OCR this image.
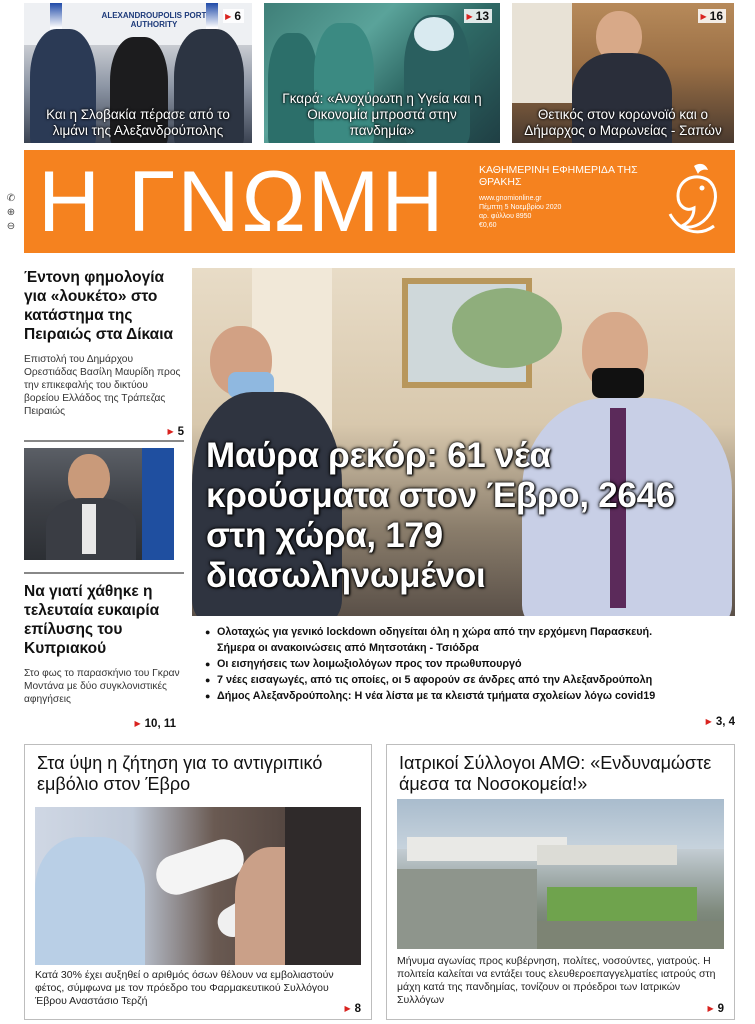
ALEXANDROUPOLIS PORT AUTHORITY
Και η Σλοβακία πέρασε από το λιμάνι της Αλεξανδρούπολης
▶ 6
Γκαρά: «Ανοχύρωτη η Υγεία και η Οικονομία μπροστά στην πανδημία»
▶ 13
Θετικός στον κορωνοϊό και ο Δήμαρχος ο Μαρωνείας - Σαπών
▶ 16
✆
⊕
⊖ Η ΓΝΩΜΗ	ΚΑΘΗΜΕΡΙΝΗ ΕΦΗΜΕΡΙΔΑ ΤΗΣ ΘΡΑΚΗΣ
www.gnomionline.gr
Πέμπτη 5 Νοεμβρίου 2020
αρ. φύλλου 8950
€0,60
Έντονη φημολογία για «λουκέτο» στο κατάστημα της Πειραιώς στα Δίκαια

Επιστολή του Δημάρχου Ορεστιάδας Βασίλη Μαυρίδη προς την επικεφαλής του δικτύου βορείου Ελλάδος της Τράπεζας Πειραιώς

▶ 5
Να γιατί χάθηκε η τελευταία ευκαιρία επίλυσης του Κυπριακού

Στο φως το παρασκήνιο του Γκραν Μοντάνα με δύο συγκλονιστικές αφηγήσεις

▶ 10, 11
Μαύρα ρεκόρ: 61 νέα κρούσματα στον Έβρο, 2646 στη χώρα, 179 διασωληνωμένοι
● Ολοταχώς για γενικό lockdown οδηγείται όλη η χώρα από την ερχόμενη Παρασκευή.
Σήμερα οι ανακοινώσεις από Μητσοτάκη - Τσιόδρα
● Οι εισηγήσεις των λοιμωξιολόγων προς τον πρωθυπουργό
● 7 νέες εισαγωγές, από τις οποίες, οι 5 αφορούν σε άνδρες από την Αλεξανδρούπολη
● Δήμος Αλεξανδρούπολης: Η νέα λίστα με τα κλειστά τμήματα σχολείων λόγω covid19
▶ 3, 4
Στα ύψη η ζήτηση για το αντιγριπικό εμβόλιο στον Έβρο

Κατά 30% έχει αυξηθεί ο αριθμός όσων θέλουν να εμβολιαστούν φέτος, σύμφωνα με τον πρόεδρο του Φαρμακευτικού Συλλόγου Έβρου Αναστάσιο Τερζή

▶ 8
Ιατρικοί Σύλλογοι ΑΜΘ: «Ενδυναμώστε άμεσα τα Νοσοκομεία!»

Μήνυμα αγωνίας προς κυβέρνηση, πολίτες, νοσούντες, γιατρούς. Η πολιτεία καλείται να εντάξει τους ελευθεροεπαγγελματίες ιατρούς στη μάχη κατά της πανδημίας, τονίζουν οι πρόεδροι των Ιατρικών Συλλόγων

▶ 9
